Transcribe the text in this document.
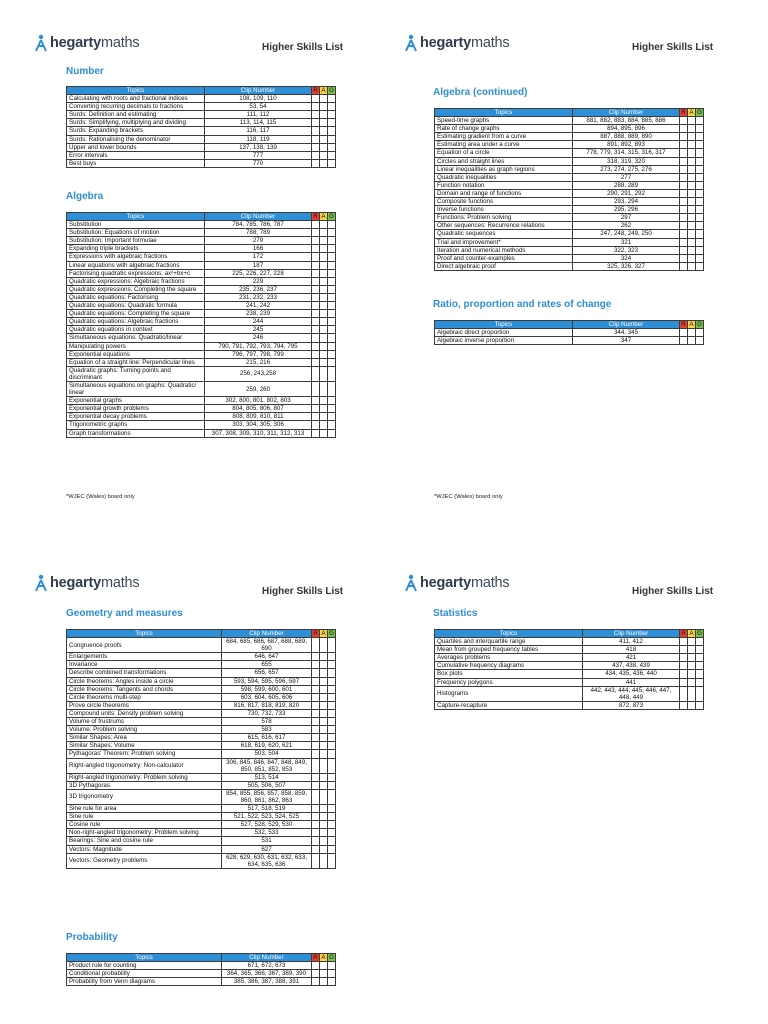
hegarty maths	Higher Skills List
Number
Topics	Clip Number	R	A	G
Calculating with roots and fractional indices	108, 109, 110			
Converting recurring decimals to fractions	53, 54			
Surds: Definition and estimating	111, 112			
Surds: Simplifying, multiplying and dividing	113, 114, 115			
Surds: Expanding brackets	116, 117			
Surds: Rationalising the denominator	118, 119			
Upper and lower bounds	137, 138, 139			
Error intervals	777			
Best buys	770			
Algebra
Topics	Clip Number	R	A	G
Substitution	784, 785, 786, 787			
Substitution: Equations of motion	788, 789			
Substitution: Important formulae	279			
Expanding triple brackets	166			
Expressions with algebraic fractions	172			
Linear equations with algebraic fractions	187			
Factorising quadratic expressions: ax²+bx+c	225, 226, 227, 228			
Quadratic expressions: Algebraic fractions	229			
Quadratic expressions: Completing the square	235, 236, 237			
Quadratic equations: Factorising	231, 232, 233			
Quadratic equations: Quadratic formula	241, 242			
Quadratic equations: Completing the square	238, 239			
Quadratic equations: Algebraic fractions	244			
Quadratic equations in context	245			
Simultaneous equations: Quadratic/linear	246			
Manipulating powers	790, 791, 792, 793, 794, 795			
Exponential equations	796, 797, 798, 799			
Equation of a straight line: Perpendicular lines	215, 216			
Quadratic graphs: Turning points and discriminant	256, 243,258			
Simultaneous equations on graphs: Quadratic/ linear	259, 260			
Exponential graphs	302, 800, 801, 802, 803			
Exponential growth problems	804, 805, 806, 807			
Exponential decay problems	808, 809, 810, 811			
Trigonometric graphs	303, 304, 305, 306			
Graph transformations	307, 308, 309, 310, 311, 312, 313			
*WJEC (Wales) board only
hegarty maths	Higher Skills List
Algebra (continued)
Topics	Clip Number	R	A	G
Speed-time graphs	881, 882, 883, 884, 885, 886			
Rate of change graphs	894, 895, 896			
Estimating gradient from a curve	887, 888, 889, 890			
Estimating area under a curve	891, 892, 893			
Equation of a circle	778, 779, 314, 315, 316, 317			
Circles and straight lines	318, 319, 320			
Linear inequalities as graph regions	273, 274, 275, 276			
Quadratic inequalities	277			
Function notation	288, 289			
Domain and range of functions	290, 291, 292			
Composite functions	293, 294			
Inverse functions	295, 296			
Functions: Problem solving	297			
Other sequences: Recurrence relations	262			
Quadratic sequences	247, 248, 249, 250			
Trial and improvement*	321			
Iteration and numerical methods	322, 323			
Proof and counter-examples	324			
Direct algebraic proof	325, 326, 327			
Ratio, proportion and rates of change
Topics	Clip Number	R	A	G
Algebraic direct proportion	344, 345			
Algebraic inverse proportion	347			
*WJEC (Wales) board only
hegarty maths
Higher Skills List
Geometry and measures
Topics	Clip Number	R	A	G
Congruence proofs	684, 685, 686, 687, 688, 689, 690			
Enlargements	646, 647			
Invariance	655			
Describe combined transformations	656, 657			
Circle theorems: Angles inside a circle	593, 594, 595, 596, 597			
Circle theorems: Tangents and chords	598, 599, 600, 601			
Circle theorems multi-step	603, 604, 605, 606			
Prove circle theorems	816, 817, 818, 819, 820			
Compound units: Density problem solving	730, 732, 733			
Volume of frustrums	578			
Volume: Problem solving	583			
Similar Shapes: Area	615, 616, 617			
Similar Shapes: Volume	618, 619, 620, 621			
Pythagoras' Theorem: Problem solving	503, 504			
Right-angled trigonometry: Non-calculator	306, 845, 846, 847, 848, 849, 850, 851, 852, 853			
Right-angled trigonometry: Problem solving	513, 514			
3D Pythagoras	505, 506, 507			
3D trigonometry	854, 855, 856, 857, 858, 859, 860, 861, 862, 863			
Sine rule for area	517, 518, 519			
Sine rule	521, 522, 523, 524, 525			
Cosine rule	527, 528, 529, 530			
Non-right-angled trigonometry: Problem solving	532, 533			
Bearings: Sine and cosine rule	531			
Vectors: Magnitude	627			
Vectors: Geometry problems	628, 629, 630, 631, 632, 633, 634, 635, 636			
Probability
Topics	Clip Number	R	A	G
Product rule for counting	671, 672, 673			
Conditional probability	364, 365, 366, 367, 389, 390			
Probability from Venn diagrams	385, 386, 387, 388, 391			
hegarty maths
Higher Skills List
Statistics
Topics	Clip Number	R	A	G
Quartiles and interquartile range	411, 412			
Mean from grouped frequency tables	418			
Averages problems	421			
Cumulative frequency diagrams	437, 438, 439			
Box plots	434, 435, 436, 440			
Frequency polygons	441			
Histograms	442, 443, 444, 445, 446, 447, 448, 449			
Capture-recapture	872, 873			
